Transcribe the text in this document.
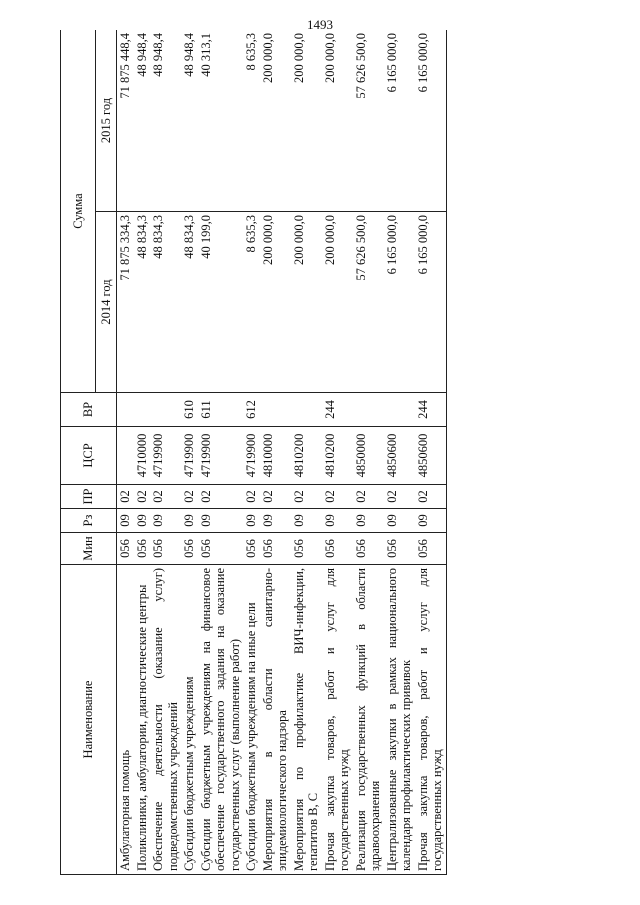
1493
Наименование	Мин	Рз	ПР	ЦСР	ВР	Сумма	
						2014 год	2015 год
Амбулаторная помощь	056	09	02			71 875 334,3	71 875 448,4
Поликлиники, амбулатории, диагностические центры	056	09	02	4710000		48 834,3	48 948,4
Обеспечение деятельности (оказание услуг) подведомственных учреждений	056	09	02	4719900		48 834,3	48 948,4
Субсидии бюджетным учреждениям	056	09	02	4719900	610	48 834,3	48 948,4
Субсидии бюджетным учреждениям на финансовое обеспечение государственного задания на оказание государственных услуг (выполнение работ)	056	09	02	4719900	611	40 199,0	40 313,1
Субсидии бюджетным учреждениям на иные цели	056	09	02	4719900	612	8 635,3	8 635,3
Мероприятия в области санитарно-эпидемиологического надзора	056	09	02	4810000		200 000,0	200 000,0
Мероприятия по профилактике ВИЧ-инфекции, гепатитов В, С	056	09	02	4810200		200 000,0	200 000,0
Прочая закупка товаров, работ и услуг для государственных нужд	056	09	02	4810200	244	200 000,0	200 000,0
Реализация государственных функций в области здравоохранения	056	09	02	4850000		57 626 500,0	57 626 500,0
Централизованные закупки в рамках национального календаря профилактических прививок	056	09	02	4850600		6 165 000,0	6 165 000,0
Прочая закупка товаров, работ и услуг для государственных нужд	056	09	02	4850600	244	6 165 000,0	6 165 000,0
